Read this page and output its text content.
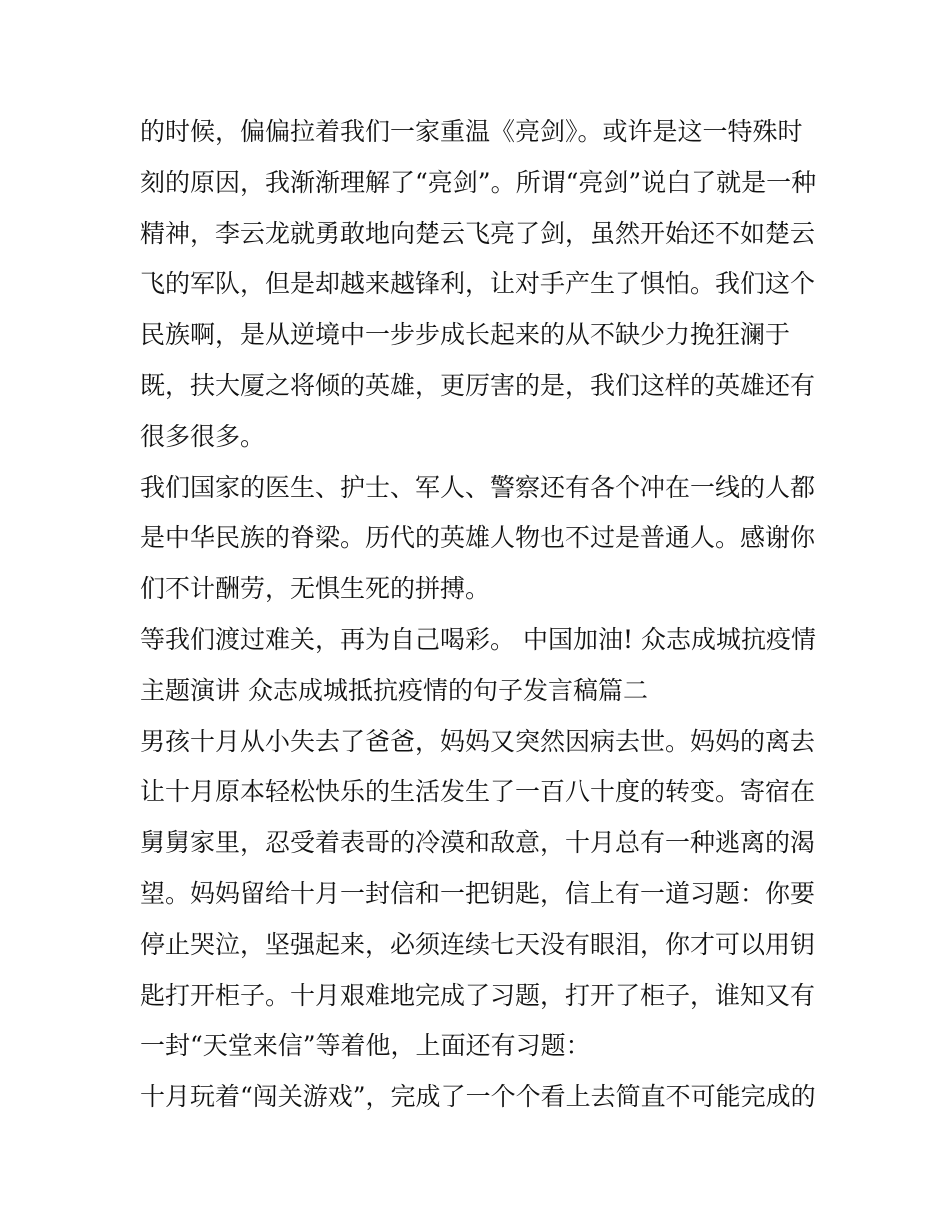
的时候，偏偏拉着我们一家重温《亮剑》。或许是这一特殊时
刻的原因，我渐渐理解了“亮剑”。所谓“亮剑”说白了就是一种
精神，李云龙就勇敢地向楚云飞亮了剑，虽然开始还不如楚云
飞的军队，但是却越来越锋利，让对手产生了惧怕。我们这个
民族啊，是从逆境中一步步成长起来的从不缺少力挽狂澜于
既，扶大厦之将倾的英雄，更厉害的是，我们这样的英雄还有
很多很多。
我们国家的医生、护士、军人、警察还有各个冲在一线的人都
是中华民族的脊梁。历代的英雄人物也不过是普通人。感谢你
们不计酬劳，无惧生死的拼搏。
等我们渡过难关，再为自己喝彩。 中国加油! 众志成城抗疫情
主题演讲 众志成城抵抗疫情的句子发言稿篇二
男孩十月从小失去了爸爸，妈妈又突然因病去世。妈妈的离去
让十月原本轻松快乐的生活发生了一百八十度的转变。寄宿在
舅舅家里，忍受着表哥的冷漠和敌意，十月总有一种逃离的渴
望。妈妈留给十月一封信和一把钥匙，信上有一道习题：你要
停止哭泣，坚强起来，必须连续七天没有眼泪，你才可以用钥
匙打开柜子。十月艰难地完成了习题，打开了柜子，谁知又有
一封“天堂来信”等着他，上面还有习题：
十月玩着“闯关游戏”，完成了一个个看上去简直不可能完成的
